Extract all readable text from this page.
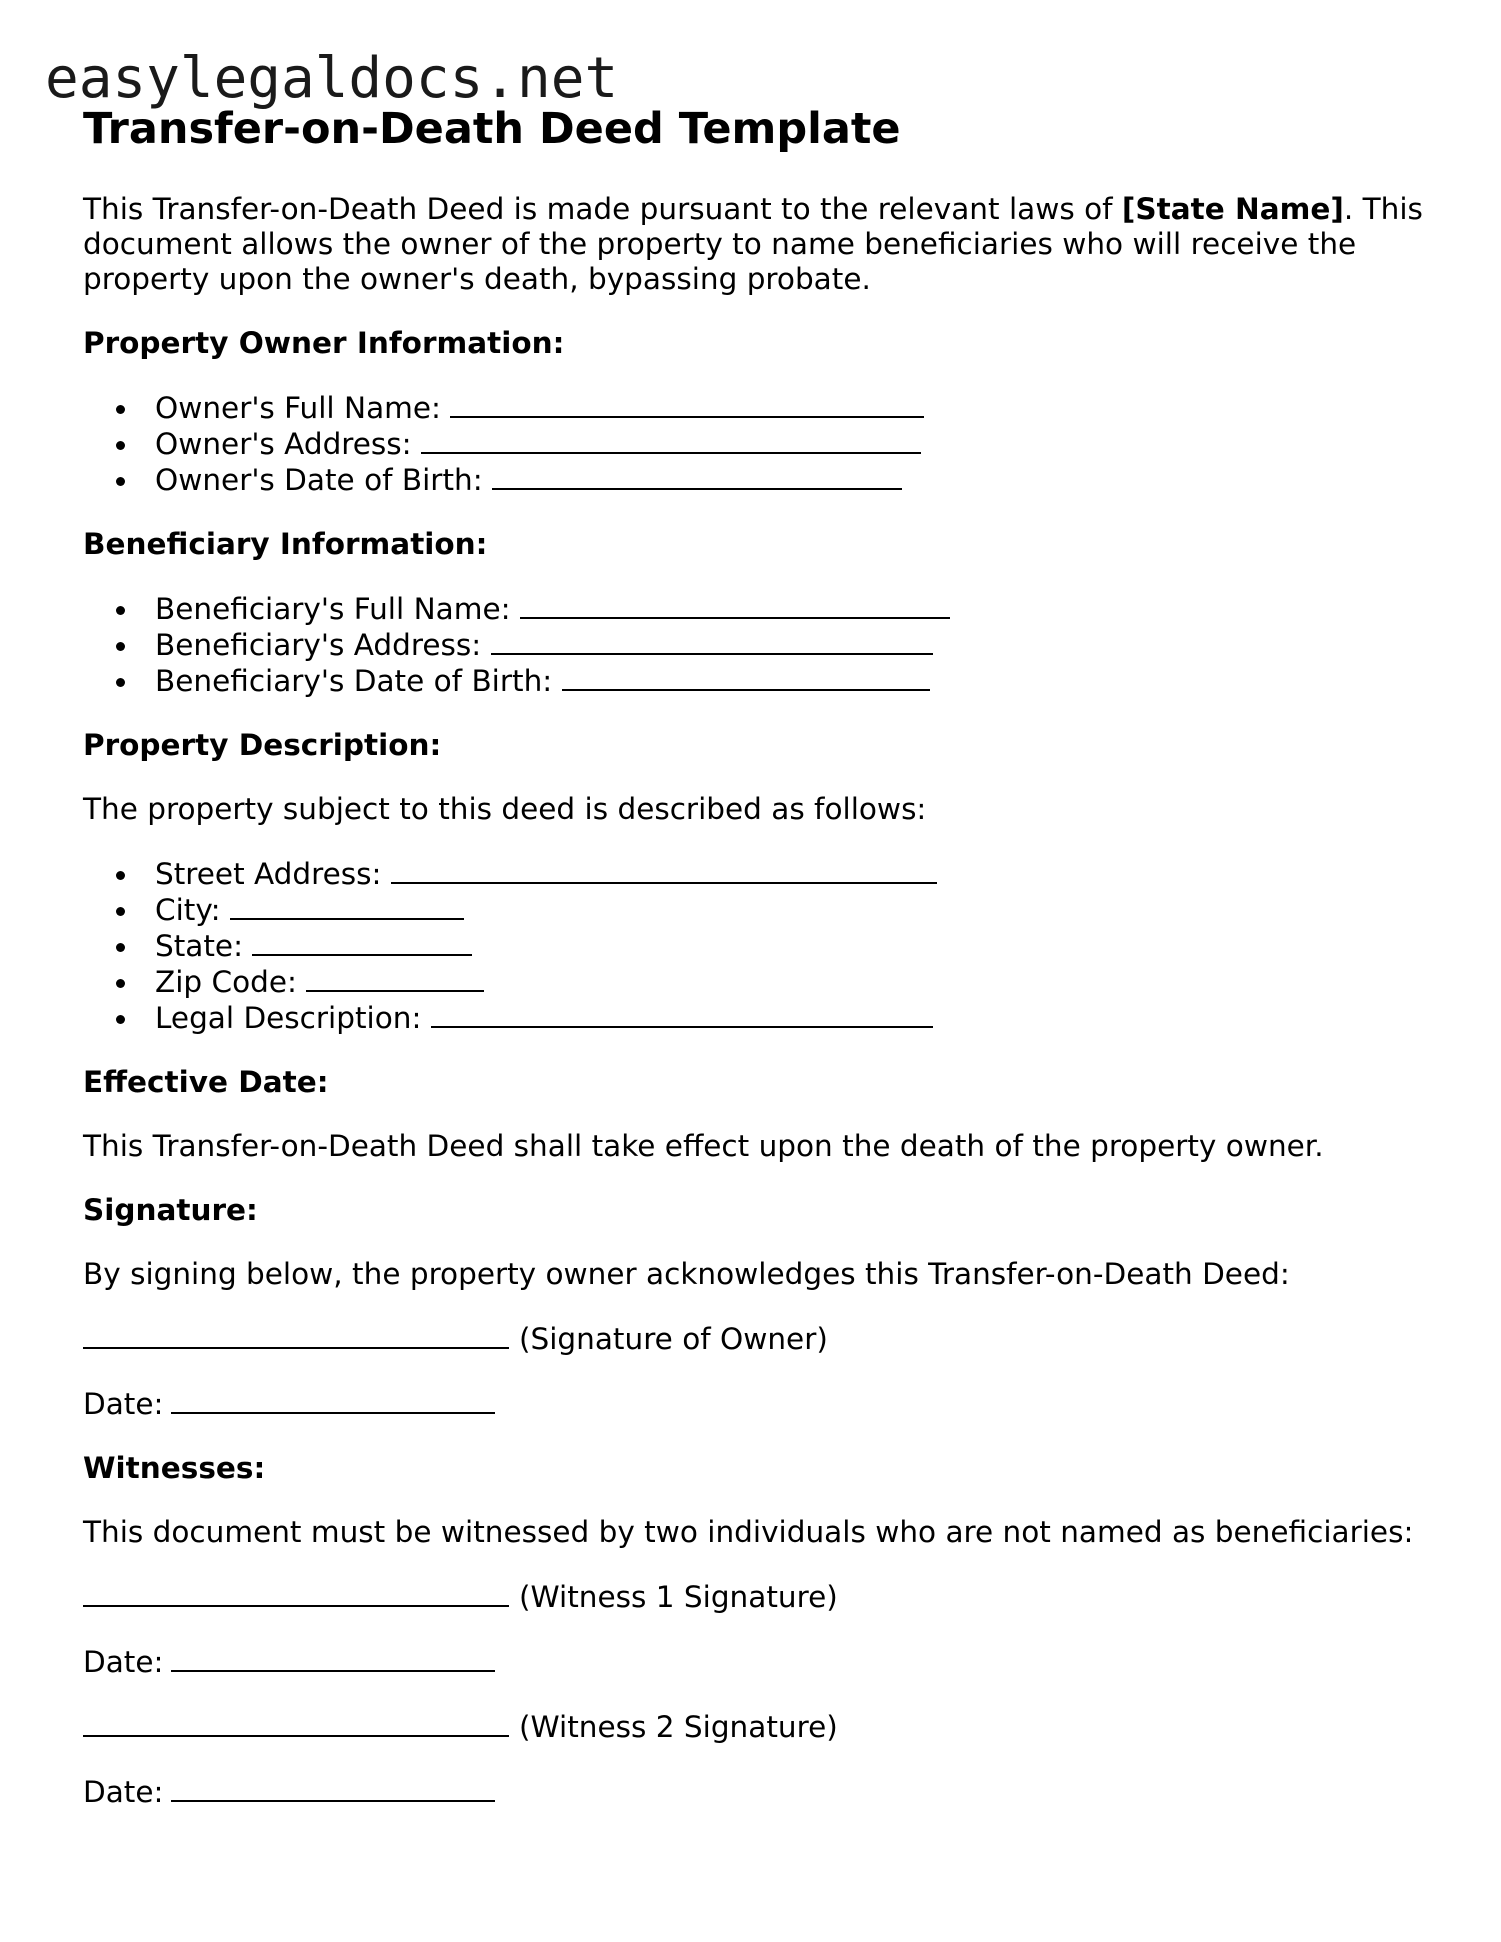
easylegaldocs.net
Transfer-on-Death Deed Template

This Transfer-on-Death Deed is made pursuant to the relevant laws of [State Name]. This document allows the owner of the property to name beneficiaries who will receive the property upon the owner's death, bypassing probate.

Property Owner Information:
Owner's Full Name:
Owner's Address:
Owner's Date of Birth:
Beneficiary Information:
Beneficiary's Full Name:
Beneficiary's Address:
Beneficiary's Date of Birth:
Property Description:

The property subject to this deed is described as follows:

Street Address:
City:
State:
Zip Code:
Legal Description:
Effective Date:

This Transfer-on-Death Deed shall take effect upon the death of the property owner.

Signature:

By signing below, the property owner acknowledges this Transfer-on-Death Deed:

(Signature of Owner)

Date:

Witnesses:

This document must be witnessed by two individuals who are not named as beneficiaries:

(Witness 1 Signature)

Date:

(Witness 2 Signature)

Date:
